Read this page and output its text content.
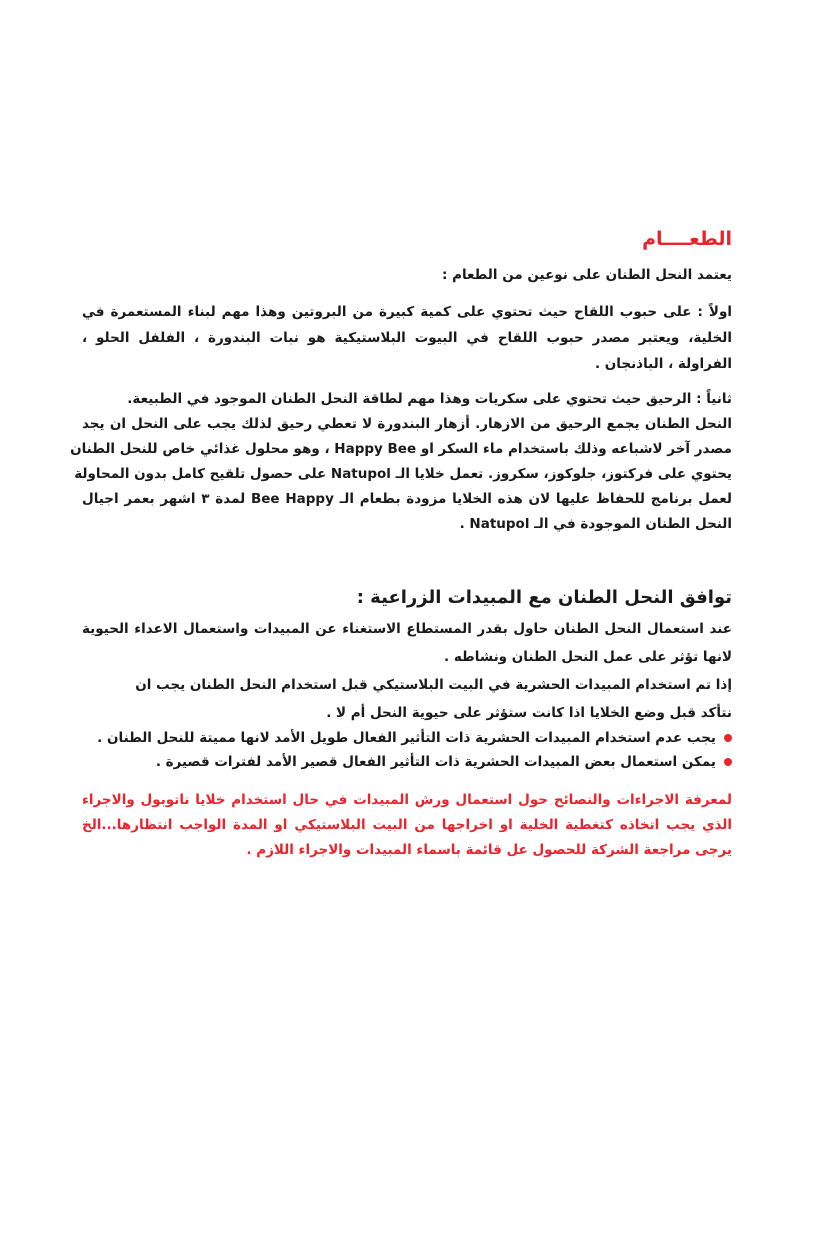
الطعــــام
يعتمد النحل الطنان على نوعين من الطعام :
اولاً : على حبوب اللقاح حيث تحتوي على كمية كبيرة من البروتين وهذا مهم لبناء المستعمرة في
الخلية، ويعتبر مصدر حبوب اللقاح في البيوت البلاستيكية هو نبات البندورة ، الفلفل الحلو ،
الفراولة ، الباذنجان .
ثانياً : الرحيق حيث تحتوي على سكريات وهذا مهم لطاقة النحل الطنان الموجود في الطبيعة.
النحل الطنان يجمع الرحيق من الازهار. أزهار البندورة لا تعطي رحيق لذلك يجب على النحل ان يجد
مصدر آخر لاشباعه وذلك باستخدام ماء السكر او Happy Bee ، وهو محلول غذائي خاص للنحل الطنان
يحتوي على فركتوز، جلوكوز، سكروز. تعمل خلايا الـ Natupol على حصول تلقيح كامل بدون المحاولة
لعمل برنامج للحفاظ عليها لان هذه الخلايا مزودة بطعام الـ Bee Happy لمدة ٣ اشهر بعمر اجيال
النحل الطنان الموجودة في الـ Natupol .
توافق النحل الطنان مع المبيدات الزراعية :
عند استعمال النحل الطنان حاول بقدر المستطاع الاستغناء عن المبيدات واستعمال الاعداء الحيوية
لانها تؤثر على عمل النحل الطنان ونشاطه .
إذا تم استخدام المبيدات الحشرية في البيت البلاستيكي قبل استخدام النحل الطنان يجب ان
نتأكد قبل وضع الخلايا اذا كانت ستؤثر على حيوية النحل أم لا .
يجب عدم استخدام المبيدات الحشرية ذات التأثير الفعال طويل الأمد لانها مميتة للنحل الطنان .
يمكن استعمال بعض المبيدات الحشرية ذات التأثير الفعال قصير الأمد لفترات قصيرة .
لمعرفة الاجراءات والنصائح حول استعمال ورش المبيدات في حال استخدام خلايا ناتوبول والاجراء
الذي يجب اتخاذه كتغطية الخلية او اخراجها من البيت البلاستيكي او المدة الواجب انتظارها...الخ
يرجى مراجعة الشركة للحصول عل قائمة باسماء المبيدات والاجراء اللازم .
